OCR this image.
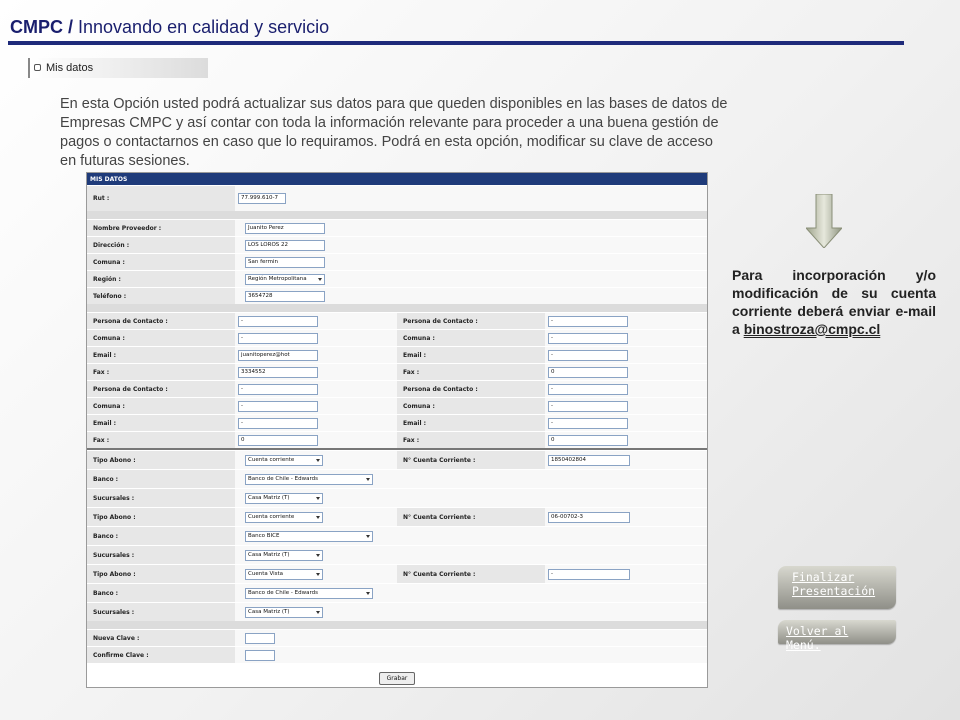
CMPC / Innovando en calidad y servicio
Mis datos

En esta Opción usted podrá actualizar sus datos para que queden disponibles en las bases de datos de Empresas CMPC y así contar con toda la información relevante para proceder a una buena gestión de pagos o contactarnos en caso que lo requiramos. Podrá en esta opción, modificar su clave de acceso en futuras sesiones.

MIS DATOS
Rut :	77.999.610-7
Nombre Proveedor :	Juanito Perez
Dirección :	LOS LOROS 22
Comuna :	San fermin
Región :	Región Metropolitana
Teléfono :	3654728
Persona de Contacto :	-	Persona de Contacto :	-
Comuna :	-	Comuna :	-
Email :	juanitoperez@hot	Email :	-
Fax :	3334552	Fax :	0
Persona de Contacto :	-	Persona de Contacto :	-
Comuna :	-	Comuna :	-
Email :	-	Email :	-
Fax :	0	Fax :	0
Tipo Abono :	Cuenta corriente	N° Cuenta Corriente :	1850402804
Banco :	Banco de Chile - Edwards
Sucursales :	Casa Matriz (T)
Tipo Abono :	Cuenta corriente	N° Cuenta Corriente :	06-00702-3
Banco :	Banco BICE
Sucursales :	Casa Matriz (T)
Tipo Abono :	Cuenta Vista	N° Cuenta Corriente :	-
Banco :	Banco de Chile - Edwards
Sucursales :	Casa Matriz (T)
Nueva Clave :
Confirme Clave :
Grabar
Para incorporación y/o modificación de su cuenta corriente deberá enviar e-mail a binostroza@cmpc.cl
Finalizar Presentación
Volver al Menú.
